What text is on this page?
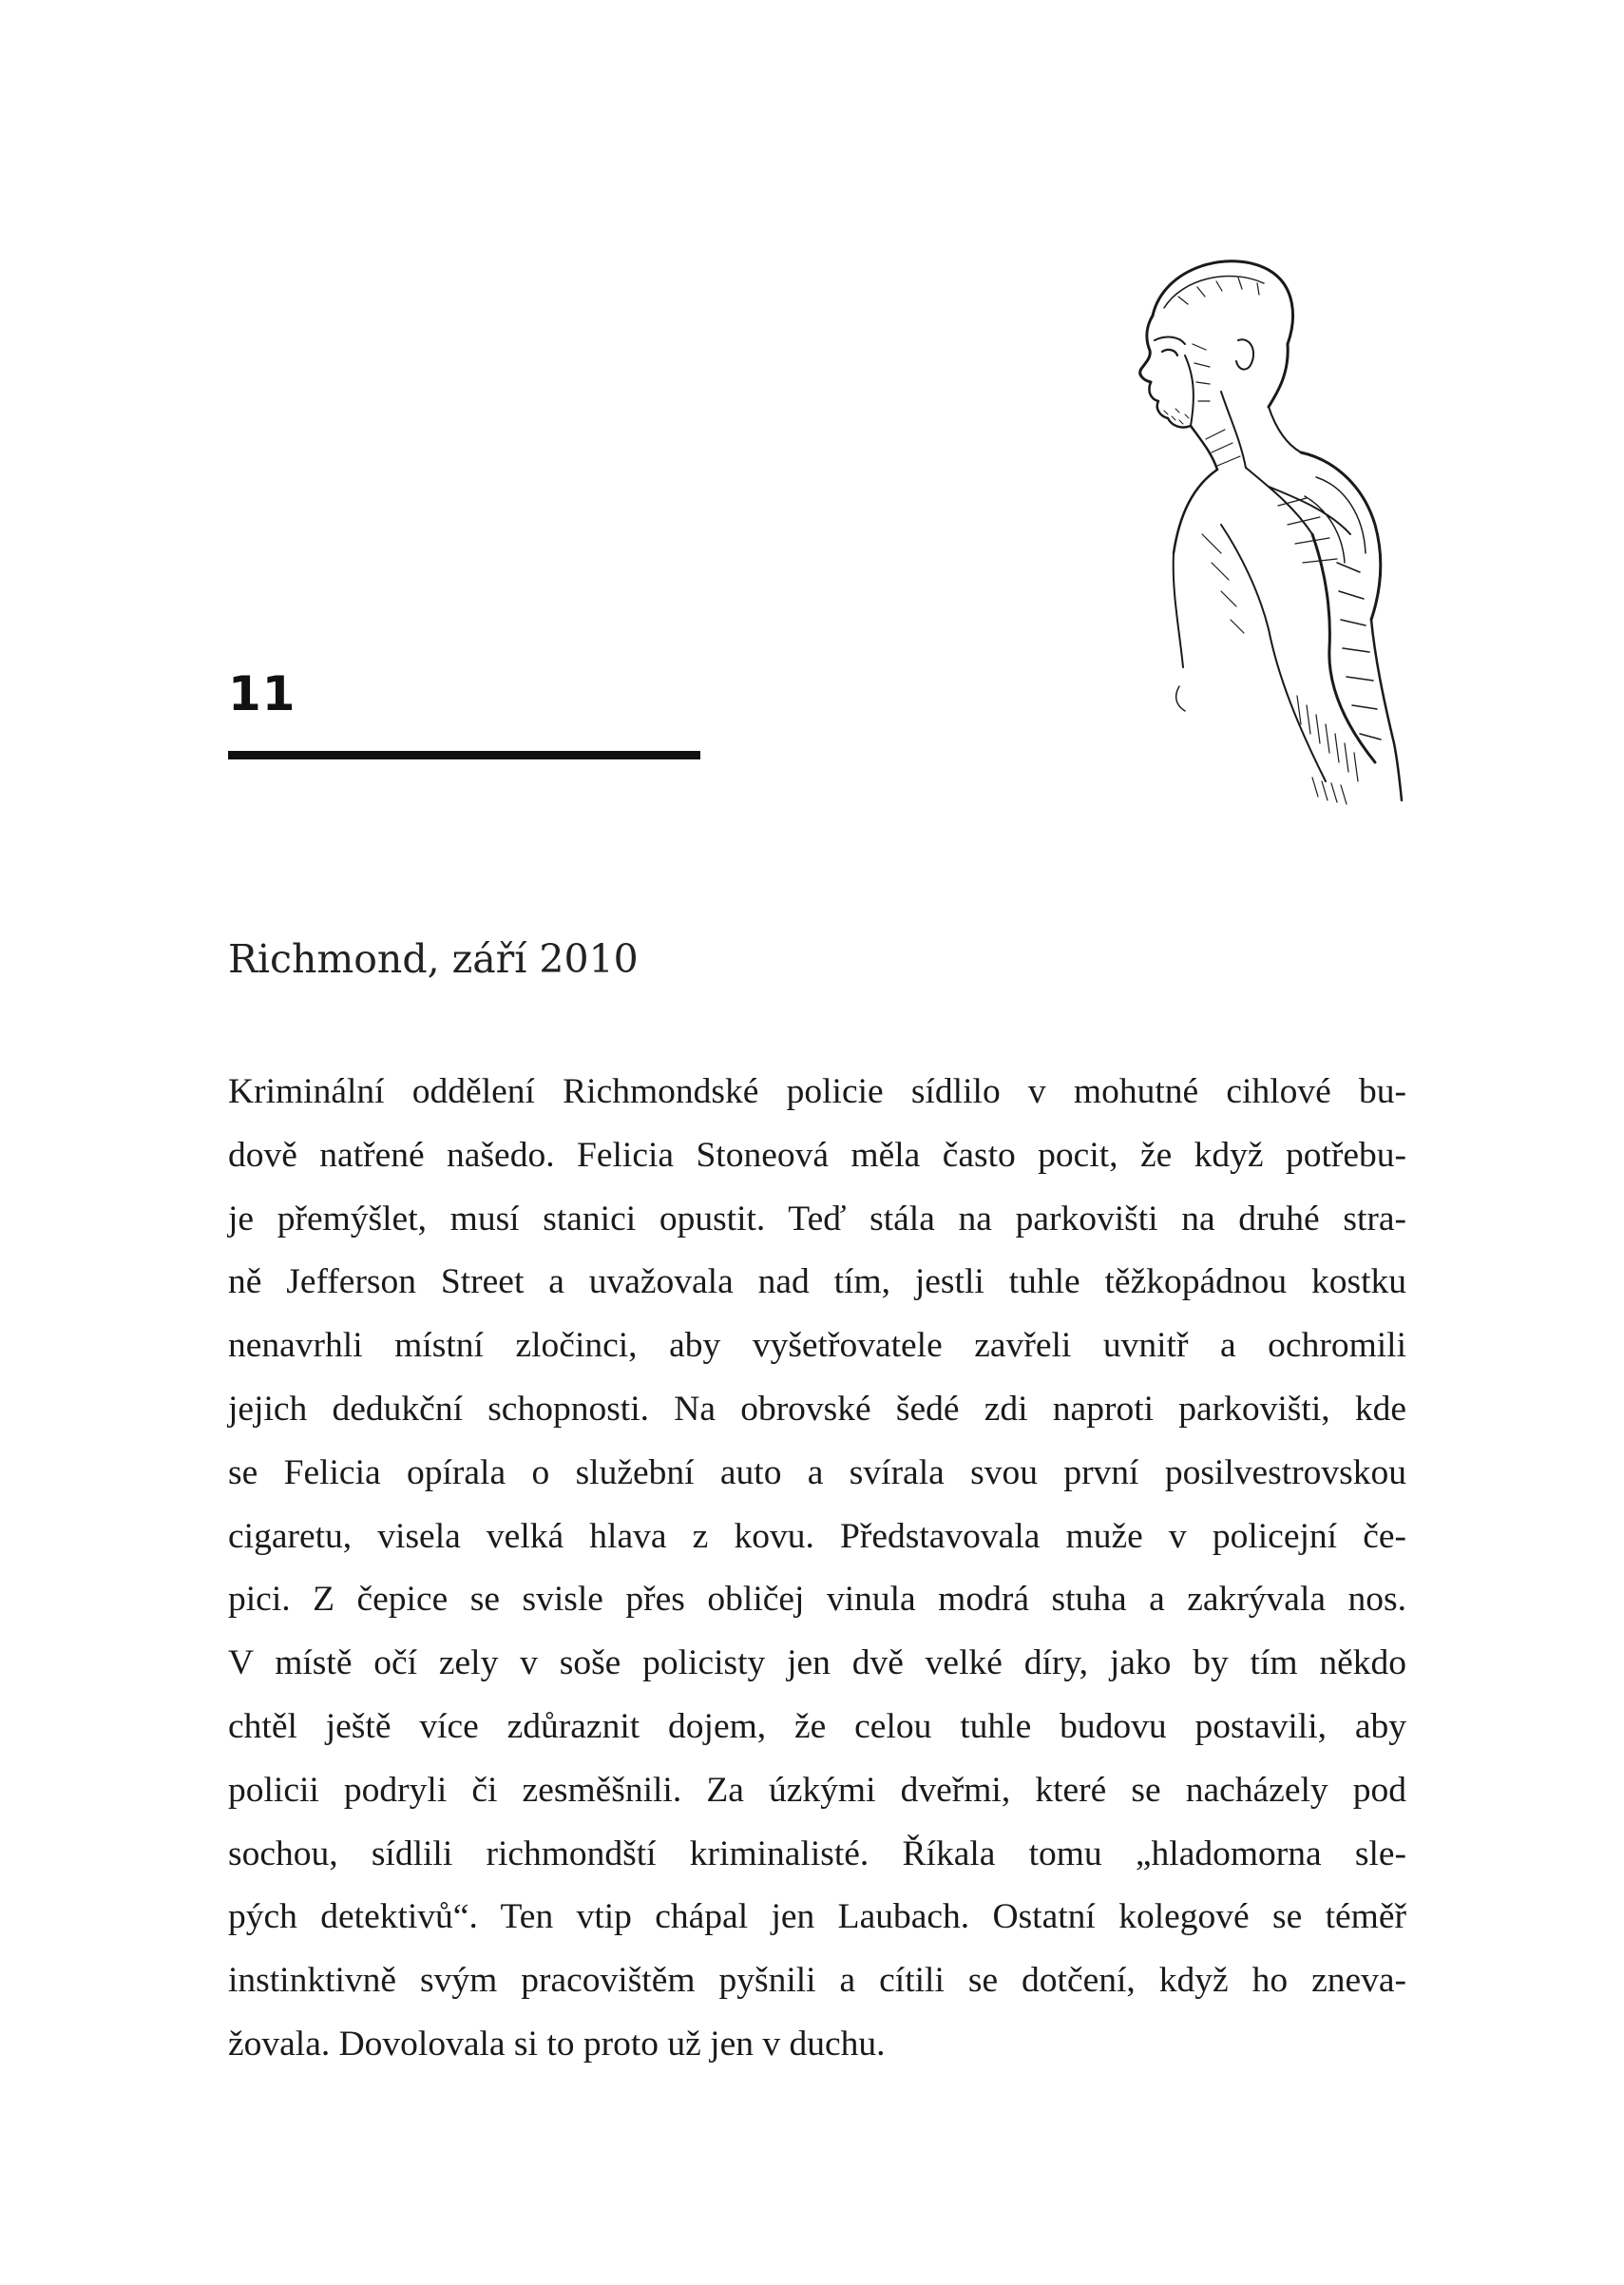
11
Richmond, září 2010
Kriminální oddělení Richmondské policie sídlilo v mohutné cihlové bu-
dově natřené našedo. Felicia Stoneová měla často pocit, že když potřebu-
je přemýšlet, musí stanici opustit. Teď stála na parkovišti na druhé stra-
ně Jefferson Street a uvažovala nad tím, jestli tuhle těžkopádnou kostku
nenavrhli místní zločinci, aby vyšetřovatele zavřeli uvnitř a ochromili
jejich dedukční schopnosti. Na obrovské šedé zdi naproti parkovišti, kde
se Felicia opírala o služební auto a svírala svou první posilvestrovskou
cigaretu, visela velká hlava z kovu. Představovala muže v policejní če-
pici. Z čepice se svisle přes obličej vinula modrá stuha a zakrývala nos.
V místě očí zely v soše policisty jen dvě velké díry, jako by tím někdo
chtěl ještě více zdůraznit dojem, že celou tuhle budovu postavili, aby
policii podryli či zesměšnili. Za úzkými dveřmi, které se nacházely pod
sochou, sídlili richmondští kriminalisté. Říkala tomu „hladomorna sle-
pých detektivů“. Ten vtip chápal jen Laubach. Ostatní kolegové se téměř
instinktivně svým pracovištěm pyšnili a cítili se dotčení, když ho zneva-
žovala. Dovolovala si to proto už jen v duchu.
